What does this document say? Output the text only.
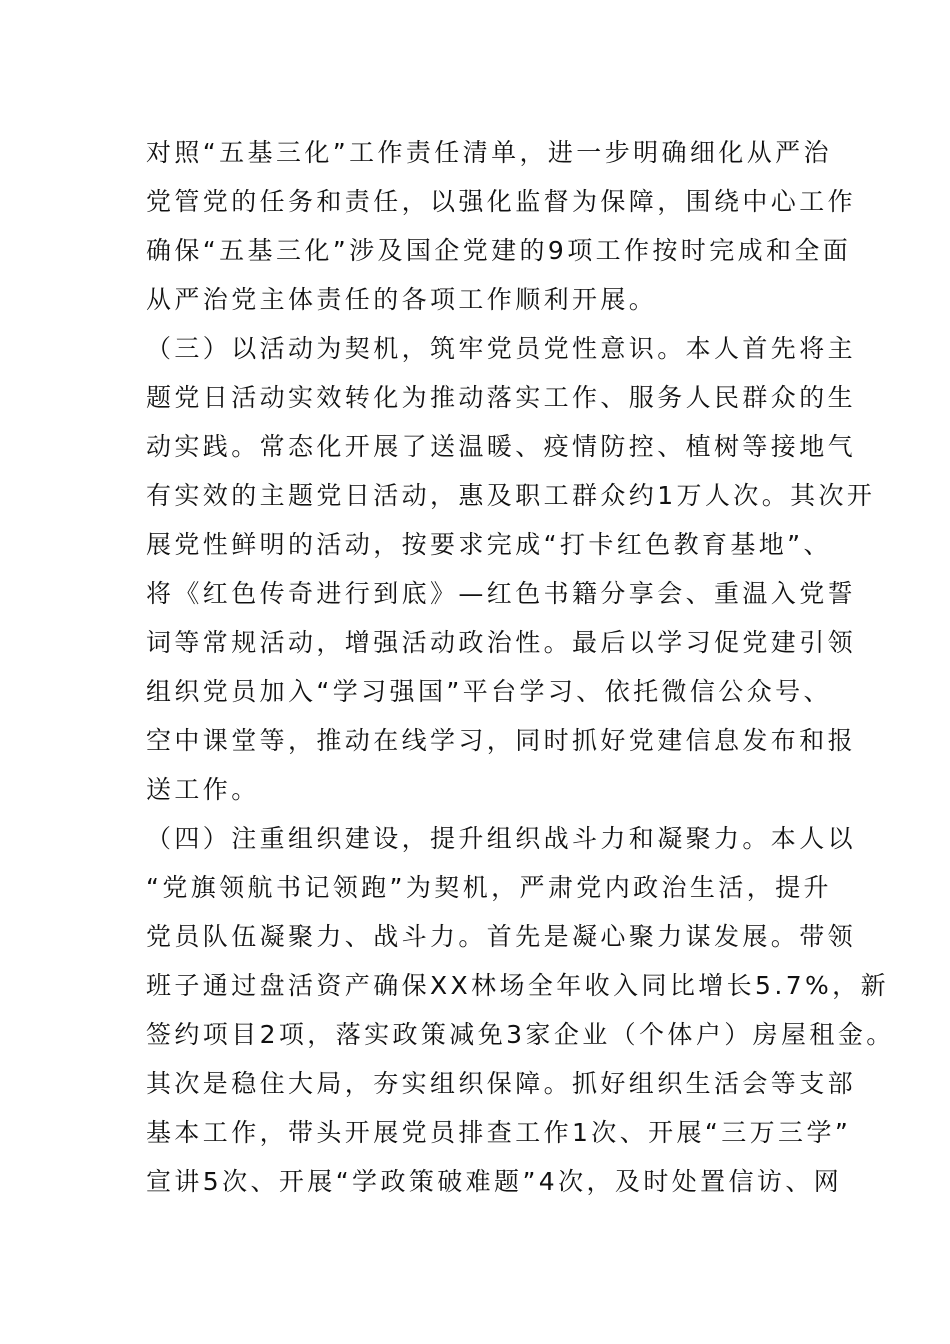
对照“五基三化”工作责任清单，进一步明确细化从严治
党管党的任务和责任，以强化监督为保障，围绕中心工作
确保“五基三化”涉及国企党建的9项工作按时完成和全面
从严治党主体责任的各项工作顺利开展。
（三）以活动为契机，筑牢党员党性意识。本人首先将主
题党日活动实效转化为推动落实工作、服务人民群众的生
动实践。常态化开展了送温暖、疫情防控、植树等接地气
有实效的主题党日活动，惠及职工群众约1万人次。其次开
展党性鲜明的活动，按要求完成“打卡红色教育基地”、
将《红色传奇进行到底》—红色书籍分享会、重温入党誓
词等常规活动，增强活动政治性。最后以学习促党建引领
组织党员加入“学习强国”平台学习、依托微信公众号、
空中课堂等，推动在线学习，同时抓好党建信息发布和报
送工作。
（四）注重组织建设，提升组织战斗力和凝聚力。本人以
“党旗领航书记领跑”为契机，严肃党内政治生活，提升
党员队伍凝聚力、战斗力。首先是凝心聚力谋发展。带领
班子通过盘活资产确保XX林场全年收入同比增长5.7%，新
签约项目2项，落实政策减免3家企业（个体户）房屋租金。
其次是稳住大局，夯实组织保障。抓好组织生活会等支部
基本工作，带头开展党员排查工作1次、开展“三万三学”
宣讲5次、开展“学政策破难题”4次，及时处置信访、网
